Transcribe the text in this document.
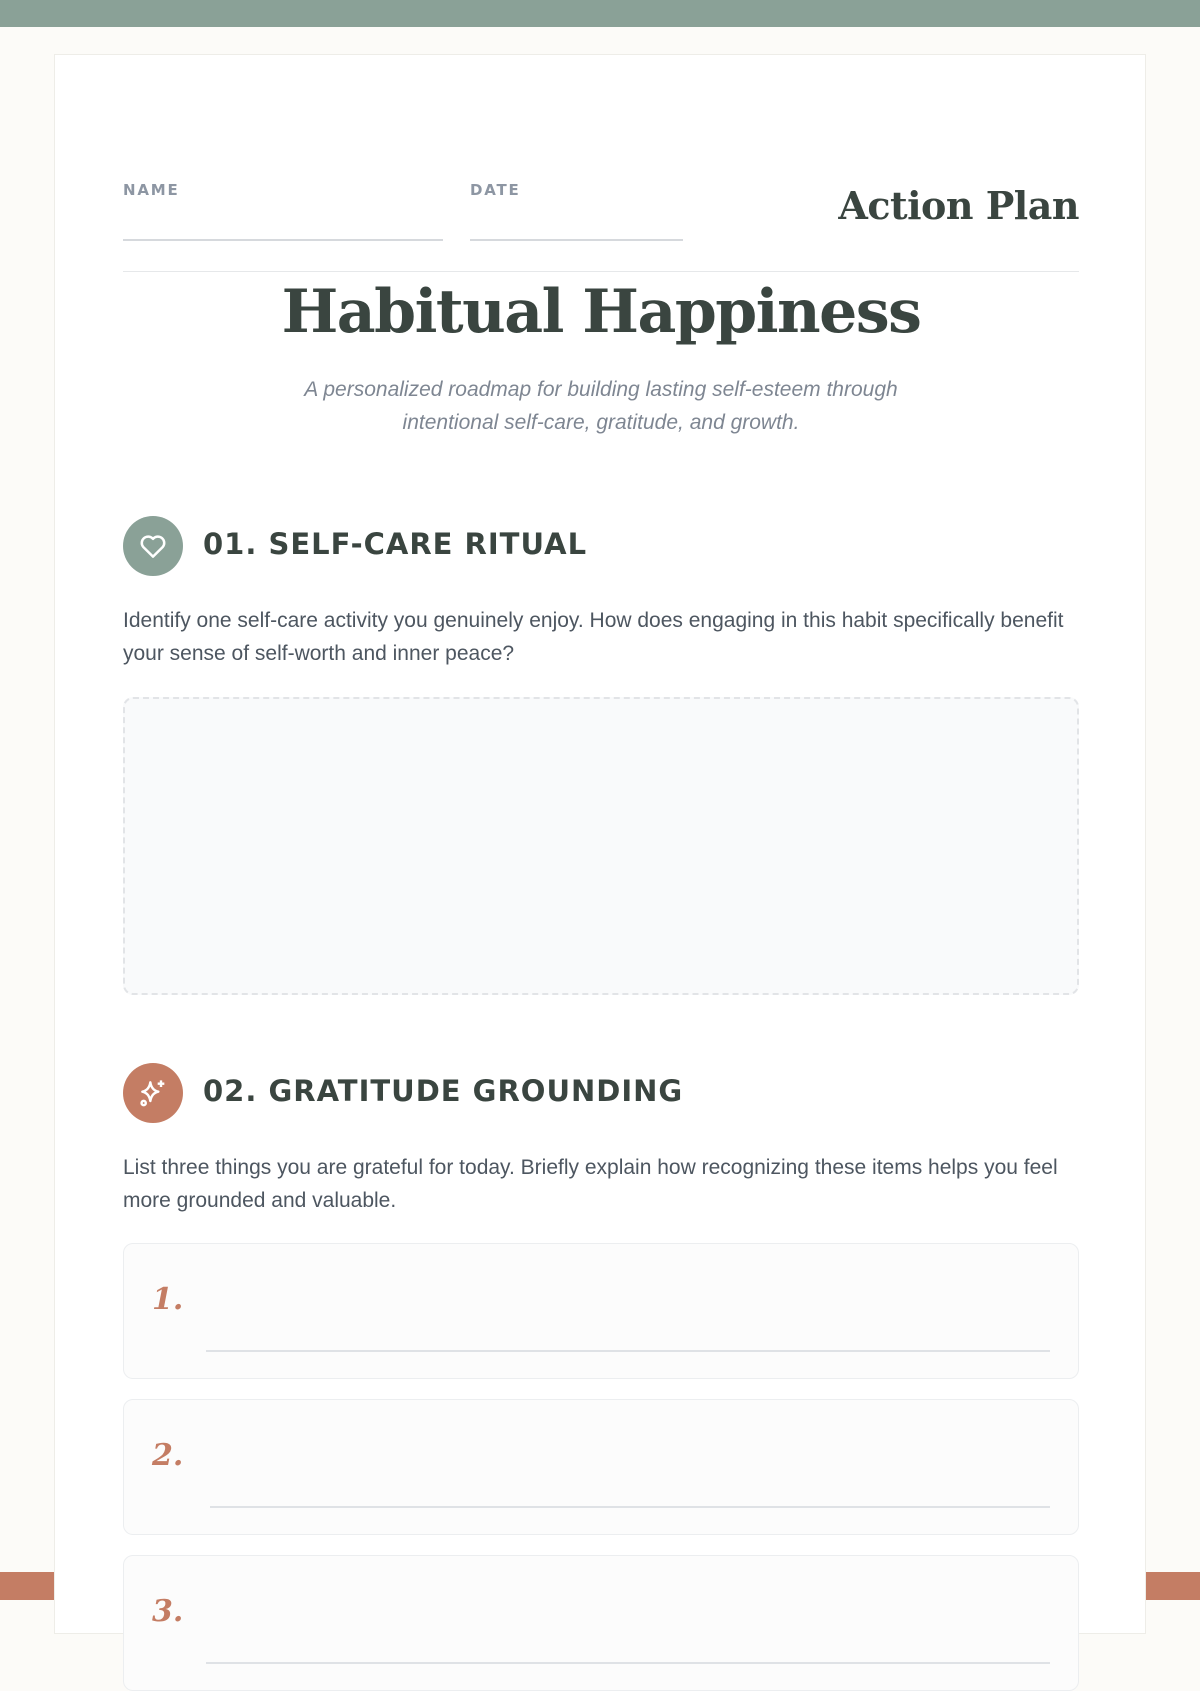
NAME	DATE	Action Plan
Habitual Happiness
A personalized roadmap for building lasting self-esteem through intentional self-care, gratitude, and growth.
01. SELF-CARE RITUAL
Identify one self-care activity you genuinely enjoy. How does engaging in this habit specifically benefit your sense of self-worth and inner peace?
02. GRATITUDE GROUNDING
List three things you are grateful for today. Briefly explain how recognizing these items helps you feel more grounded and valuable.
1.
2.
3.
